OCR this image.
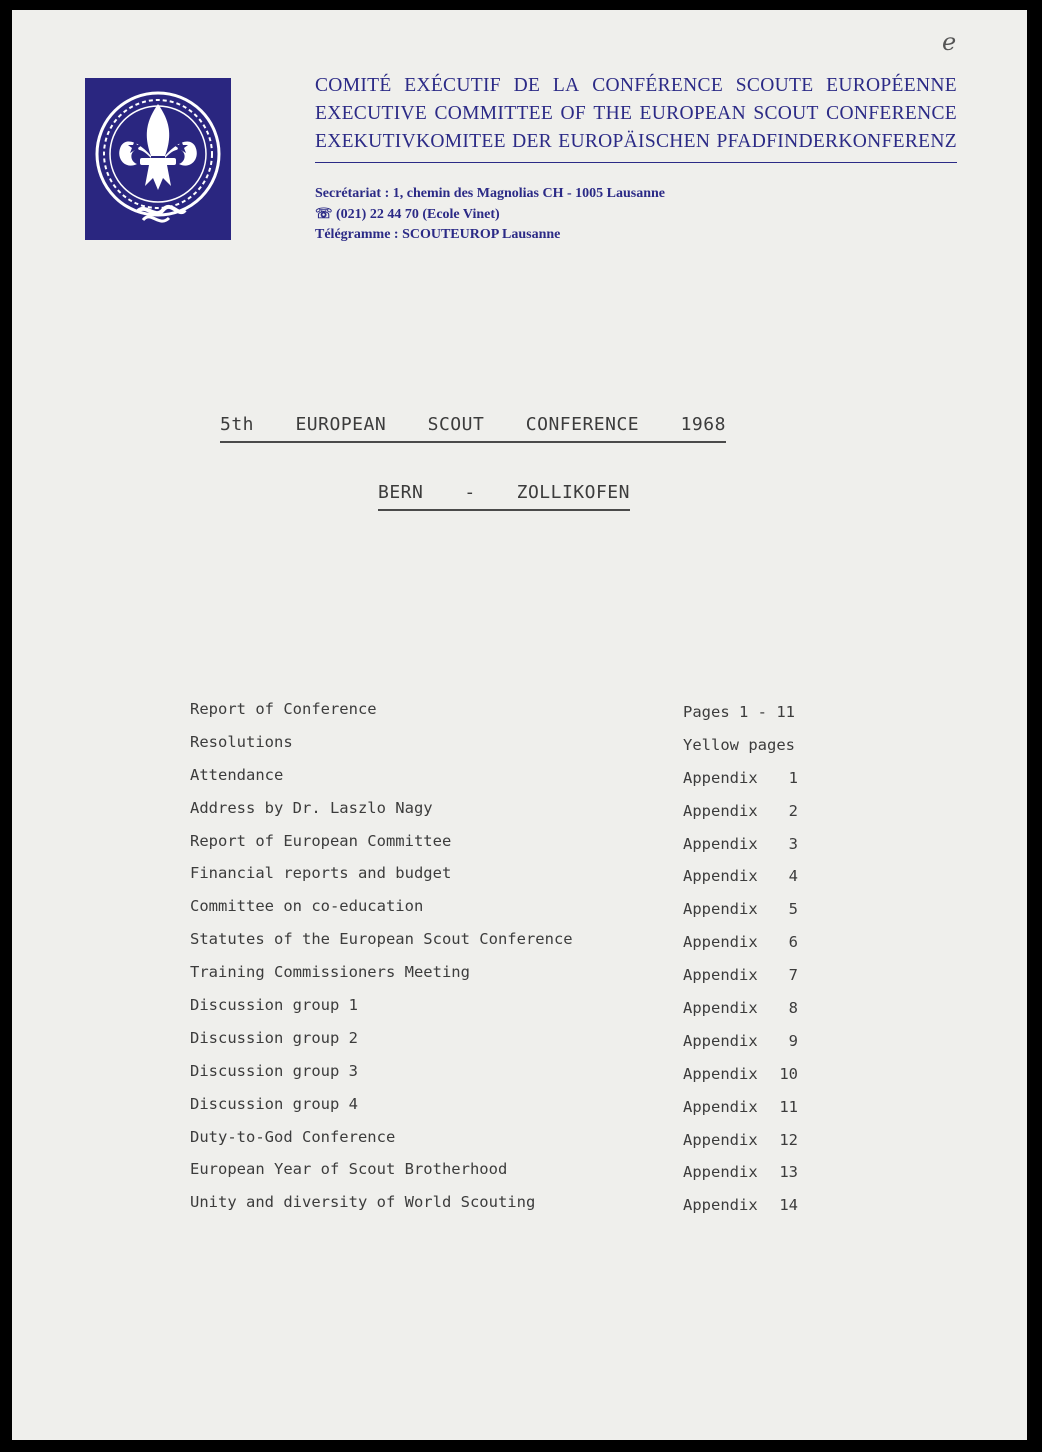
e
COMITÉ EXÉCUTIF DE LA CONFÉRENCE SCOUTE EUROPÉENNE
EXECUTIVE COMMITTEE OF THE EUROPEAN SCOUT CONFERENCE
EXEKUTIVKOMITEE DER EUROPÄISCHEN PFADFINDERKONFERENZ
Secrétariat : 1, chemin des Magnolias CH - 1005 Lausanne
☏ (021) 22 44 70 (Ecole Vinet)
Télégramme : SCOUTEUROP Lausanne
5th EUROPEAN SCOUT CONFERENCE 1968
BERN - ZOLLIKOFEN
Report of Conference	Pages 1 - 11
Resolutions	Yellow pages
Attendance	Appendix 1
Address by Dr. Laszlo Nagy	Appendix 2
Report of European Committee	Appendix 3
Financial reports and budget	Appendix 4
Committee on co-education	Appendix 5
Statutes of the European Scout Conference	Appendix 6
Training Commissioners Meeting	Appendix 7
Discussion group 1	Appendix 8
Discussion group 2	Appendix 9
Discussion group 3	Appendix 10
Discussion group 4	Appendix 11
Duty-to-God Conference	Appendix 12
European Year of Scout Brotherhood	Appendix 13
Unity and diversity of World Scouting	Appendix 14
